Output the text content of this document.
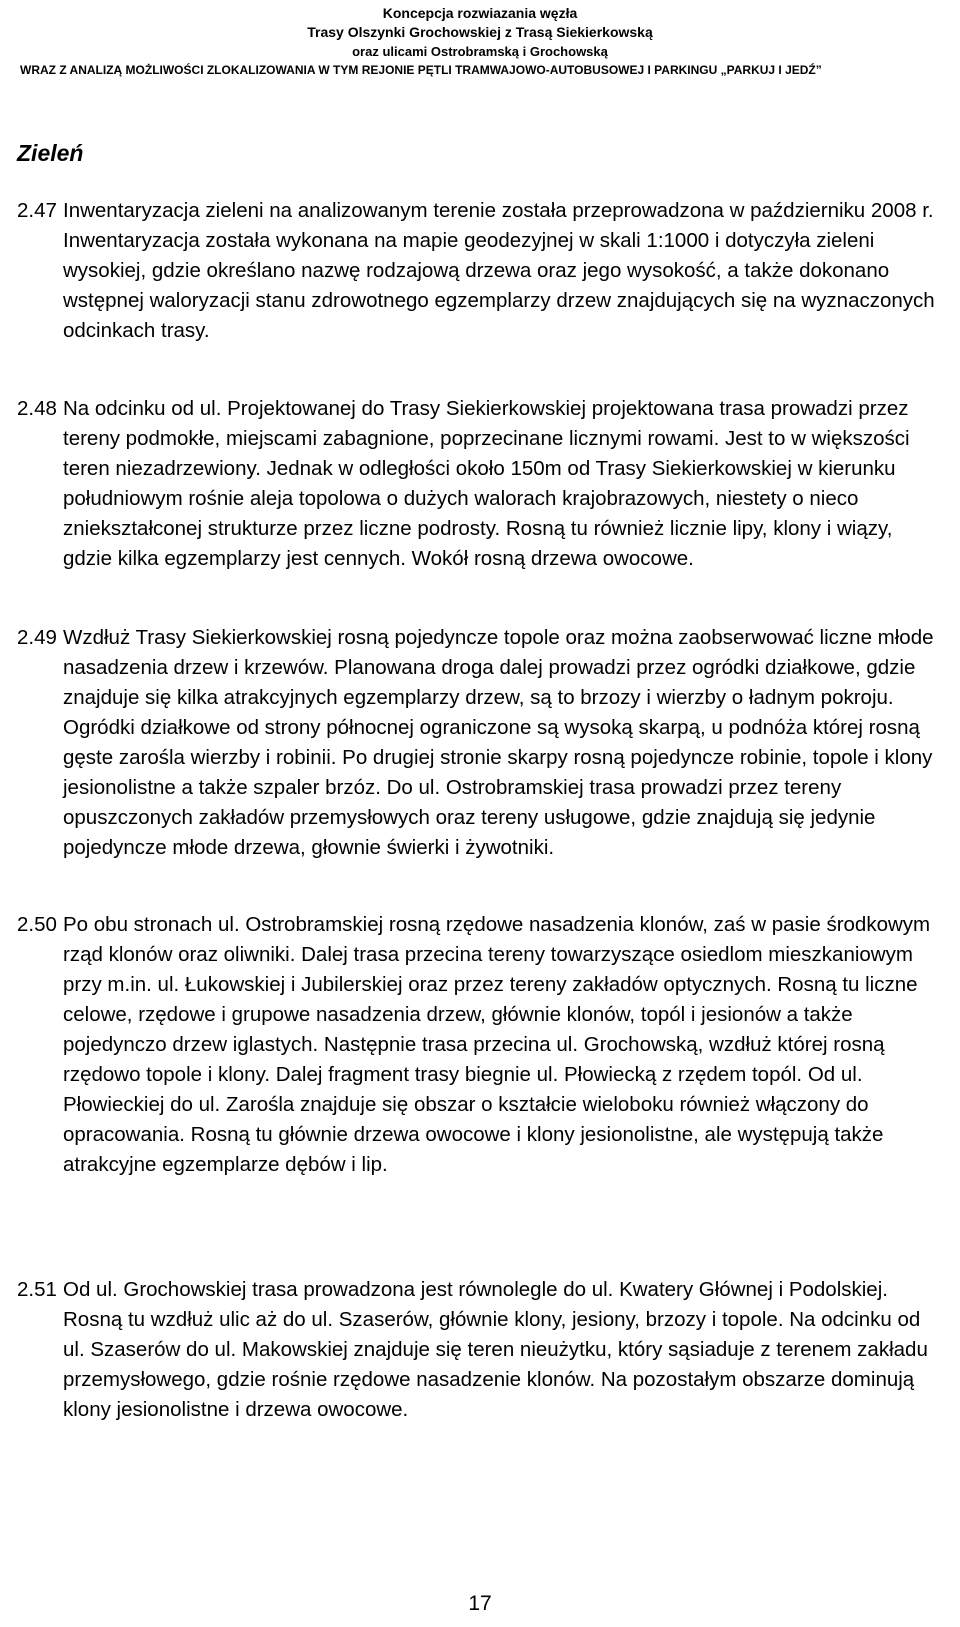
Koncepcja rozwiazania węzła
Trasy Olszynki Grochowskiej z Trasą Siekierkowską
oraz ulicami Ostrobramską i Grochowską
WRAZ Z ANALIZĄ MOŻLIWOŚCI ZLOKALIZOWANIA W TYM REJONIE PĘTLI TRAMWAJOWO-AUTOBUSOWEJ I PARKINGU „PARKUJ I JEDŹ”
Zieleń
2.47 Inwentaryzacja zieleni na analizowanym terenie została przeprowadzona w październiku 2008 r. Inwentaryzacja została wykonana na mapie geodezyjnej w skali 1:1000 i dotyczyła zieleni wysokiej, gdzie określano nazwę rodzajową drzewa oraz jego wysokość, a także dokonano wstępnej waloryzacji stanu zdrowotnego egzemplarzy drzew znajdujących się na wyznaczonych odcinkach trasy.
2.48 Na odcinku od ul. Projektowanej do Trasy Siekierkowskiej projektowana trasa prowadzi przez tereny podmokłe, miejscami zabagnione, poprzecinane licznymi rowami. Jest to w większości teren niezadrzewiony. Jednak w odległości około 150m od Trasy Siekierkowskiej w kierunku południowym rośnie aleja topolowa o dużych walorach krajobrazowych, niestety o nieco zniekształconej strukturze przez liczne podrosty. Rosną tu również licznie lipy, klony i wiązy, gdzie kilka egzemplarzy jest cennych. Wokół rosną drzewa owocowe.
2.49 Wzdłuż Trasy Siekierkowskiej rosną pojedyncze topole oraz można zaobserwować liczne młode nasadzenia drzew i krzewów. Planowana droga dalej prowadzi przez ogródki działkowe, gdzie znajduje się kilka atrakcyjnych egzemplarzy drzew, są to brzozy i wierzby o ładnym pokroju. Ogródki działkowe od strony północnej ograniczone są wysoką skarpą, u podnóża której rosną gęste zarośla wierzby i robinii. Po drugiej stronie skarpy rosną pojedyncze robinie, topole i klony jesionolistne a także szpaler brzóz. Do ul. Ostrobramskiej trasa prowadzi przez tereny opuszczonych zakładów przemysłowych oraz tereny usługowe, gdzie znajdują się jedynie pojedyncze młode drzewa, głownie świerki i żywotniki.
2.50 Po obu stronach ul. Ostrobramskiej rosną rzędowe nasadzenia klonów, zaś w pasie środkowym rząd klonów oraz oliwniki. Dalej trasa przecina tereny towarzyszące osiedlom mieszkaniowym przy m.in. ul. Łukowskiej i Jubilerskiej oraz przez tereny zakładów optycznych. Rosną tu liczne celowe, rzędowe i grupowe nasadzenia drzew, głównie klonów, topól i jesionów a także pojedynczo drzew iglastych. Następnie trasa przecina ul. Grochowską, wzdłuż której rosną rzędowo topole i klony. Dalej fragment trasy biegnie ul. Płowiecką z rzędem topól. Od ul. Płowieckiej do ul. Zarośla znajduje się obszar o kształcie wieloboku również włączony do opracowania. Rosną tu głównie drzewa owocowe i klony jesionolistne, ale występują także atrakcyjne egzemplarze dębów i lip.
2.51 Od ul. Grochowskiej trasa prowadzona jest równolegle do ul. Kwatery Głównej i Podolskiej. Rosną tu wzdłuż ulic aż do ul. Szaserów, głównie klony, jesiony, brzozy i topole. Na odcinku od ul. Szaserów do ul. Makowskiej znajduje się teren nieużytku, który sąsiaduje z terenem zakładu przemysłowego, gdzie rośnie rzędowe nasadzenie klonów. Na pozostałym obszarze dominują klony jesionolistne i drzewa owocowe.
17
